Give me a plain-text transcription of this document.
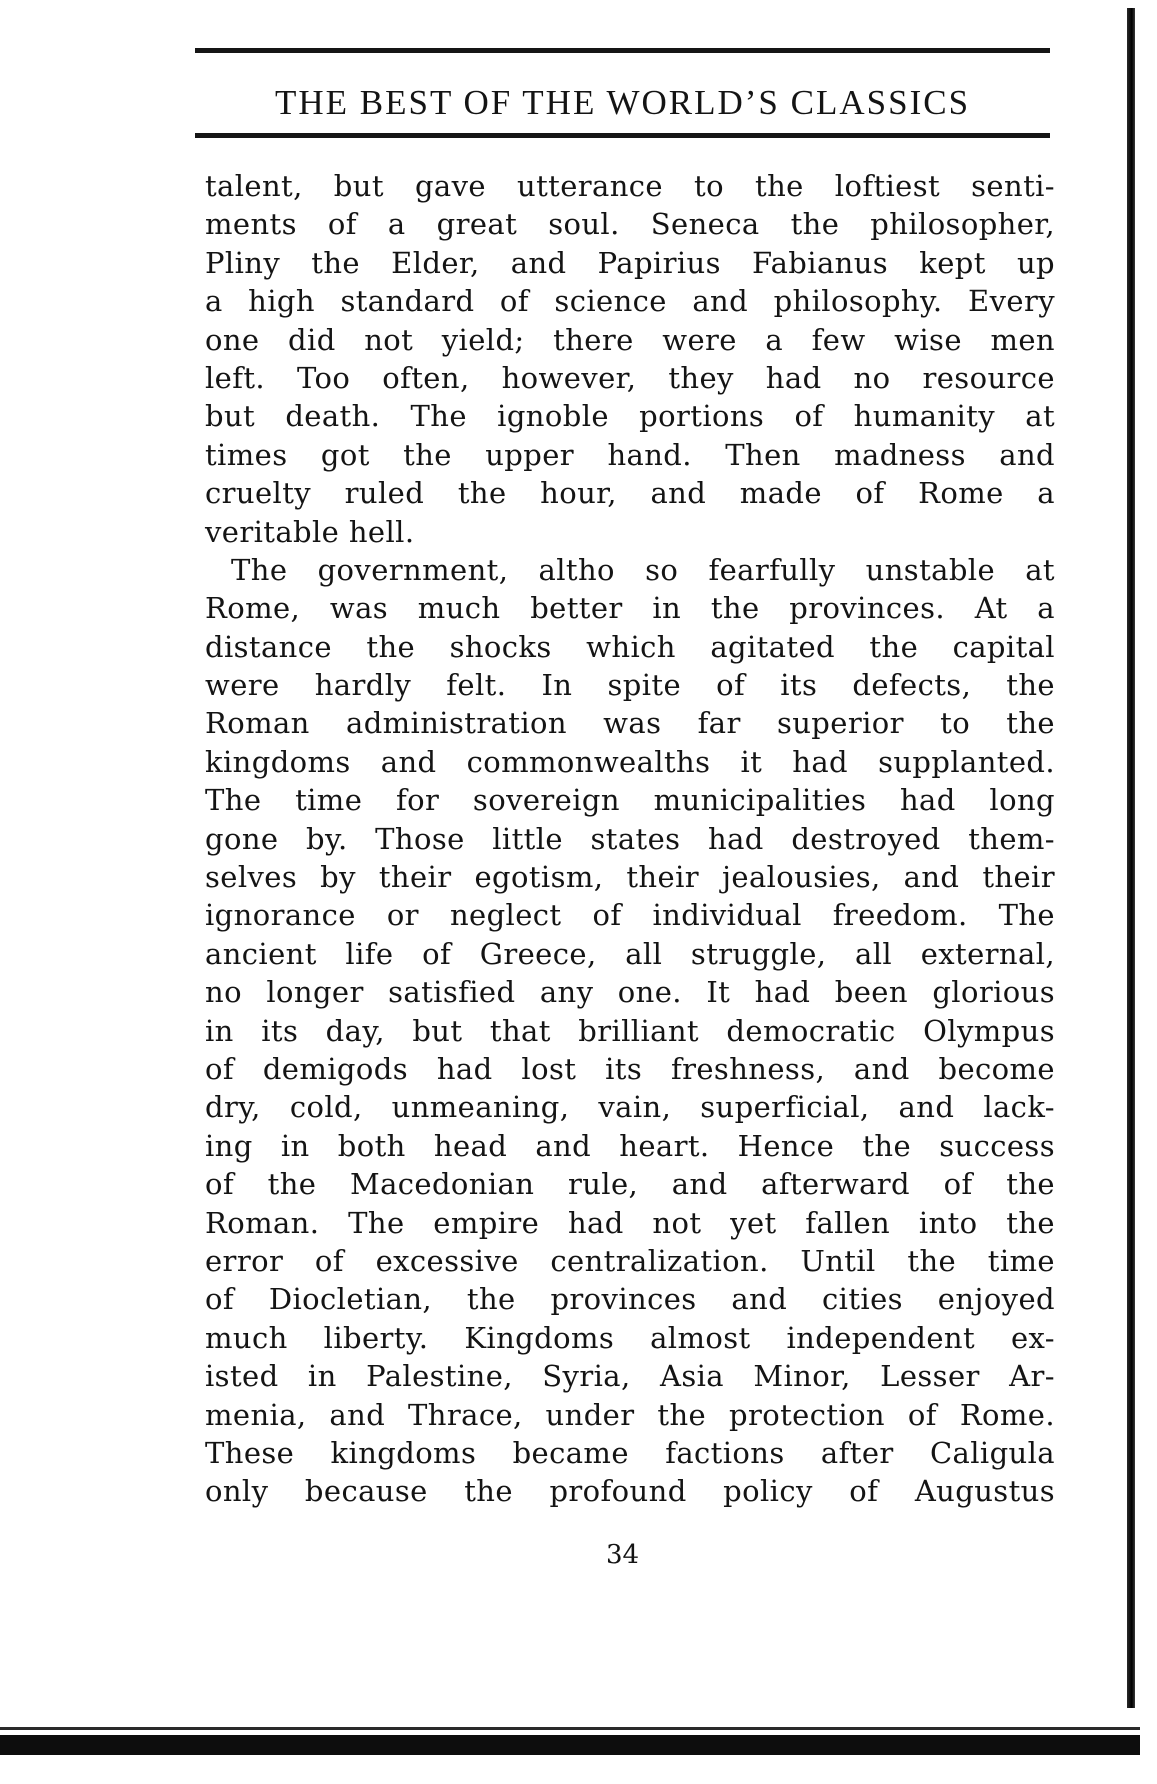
THE BEST OF THE WORLD’S CLASSICS
talent, but gave utterance to the loftiest senti-
ments of a great soul. Seneca the philosopher,
Pliny the Elder, and Papirius Fabianus kept up
a high standard of science and philosophy. Every
one did not yield; there were a few wise men
left. Too often, however, they had no resource
but death. The ignoble portions of humanity at
times got the upper hand. Then madness and
cruelty ruled the hour, and made of Rome a
veritable hell.
The government, altho so fearfully unstable at
Rome, was much better in the provinces. At a
distance the shocks which agitated the capital
were hardly felt. In spite of its defects, the
Roman administration was far superior to the
kingdoms and commonwealths it had supplanted.
The time for sovereign municipalities had long
gone by. Those little states had destroyed them-
selves by their egotism, their jealousies, and their
ignorance or neglect of individual freedom. The
ancient life of Greece, all struggle, all external,
no longer satisfied any one. It had been glorious
in its day, but that brilliant democratic Olympus
of demigods had lost its freshness, and become
dry, cold, unmeaning, vain, superficial, and lack-
ing in both head and heart. Hence the success
of the Macedonian rule, and afterward of the
Roman. The empire had not yet fallen into the
error of excessive centralization. Until the time
of Diocletian, the provinces and cities enjoyed
much liberty. Kingdoms almost independent ex-
isted in Palestine, Syria, Asia Minor, Lesser Ar-
menia, and Thrace, under the protection of Rome.
These kingdoms became factions after Caligula
only because the profound policy of Augustus
34
